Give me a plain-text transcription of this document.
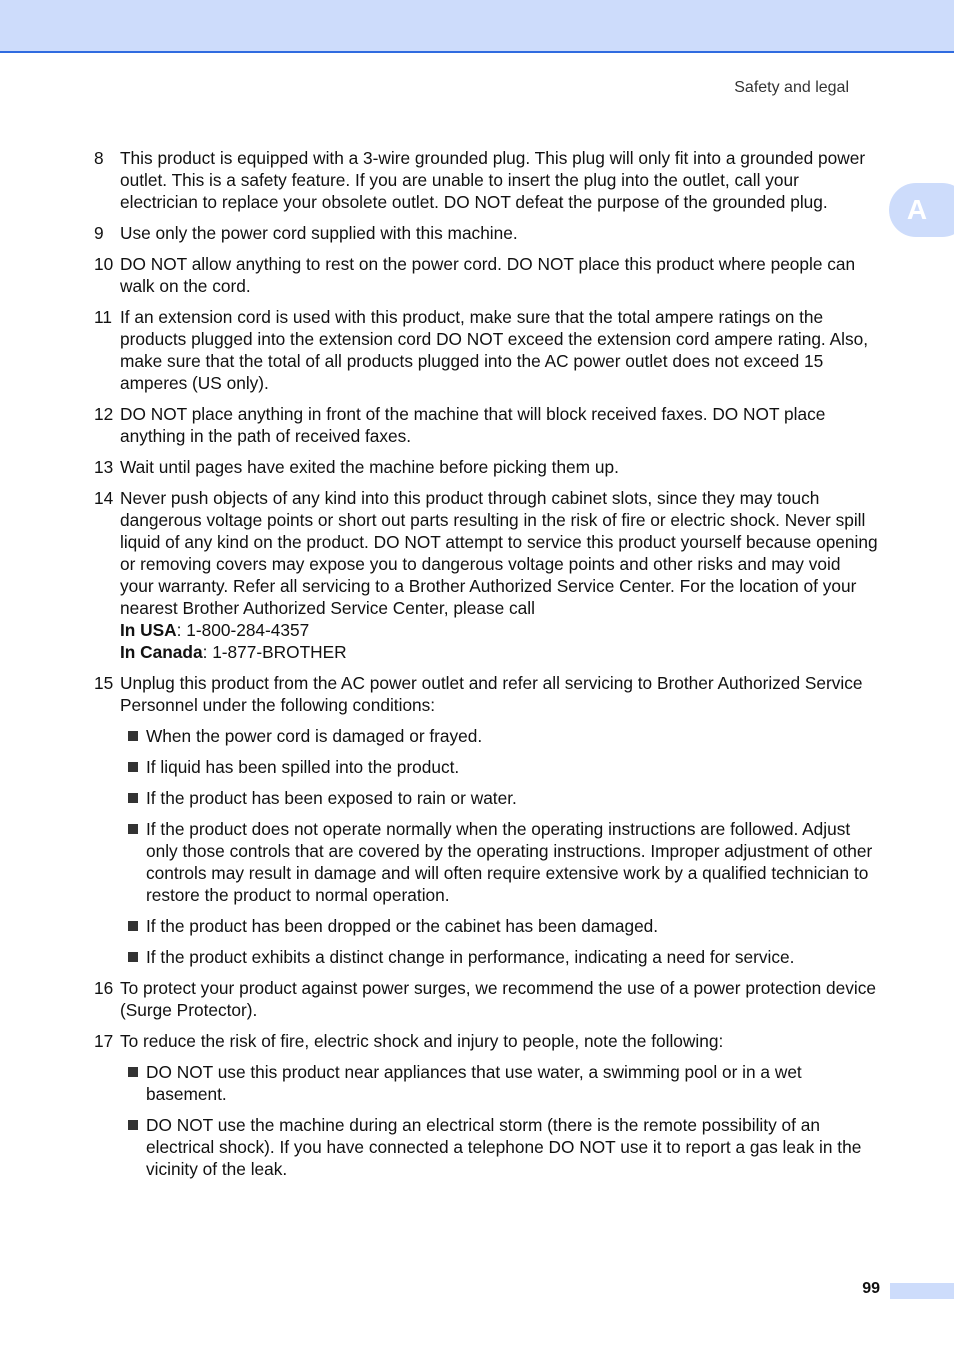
Safety and legal
A
8 This product is equipped with a 3-wire grounded plug. This plug will only fit into a grounded power outlet. This is a safety feature. If you are unable to insert the plug into the outlet, call your electrician to replace your obsolete outlet. DO NOT defeat the purpose of the grounded plug.

9 Use only the power cord supplied with this machine.

10 DO NOT allow anything to rest on the power cord. DO NOT place this product where people can walk on the cord.

11 If an extension cord is used with this product, make sure that the total ampere ratings on the products plugged into the extension cord DO NOT exceed the extension cord ampere rating. Also, make sure that the total of all products plugged into the AC power outlet does not exceed 15 amperes (US only).

12 DO NOT place anything in front of the machine that will block received faxes. DO NOT place anything in the path of received faxes.

13 Wait until pages have exited the machine before picking them up.

14 Never push objects of any kind into this product through cabinet slots, since they may touch dangerous voltage points or short out parts resulting in the risk of fire or electric shock. Never spill liquid of any kind on the product. DO NOT attempt to service this product yourself because opening or removing covers may expose you to dangerous voltage points and other risks and may void your warranty. Refer all servicing to a Brother Authorized Service Center. For the location of your nearest Brother Authorized Service Center, please call

In USA: 1-800-284-4357
In Canada: 1-877-BROTHER
15 Unplug this product from the AC power outlet and refer all servicing to Brother Authorized Service Personnel under the following conditions:

When the power cord is damaged or frayed.
If liquid has been spilled into the product.
If the product has been exposed to rain or water.
If the product does not operate normally when the operating instructions are followed. Adjust only those controls that are covered by the operating instructions. Improper adjustment of other controls may result in damage and will often require extensive work by a qualified technician to restore the product to normal operation.
If the product has been dropped or the cabinet has been damaged.
If the product exhibits a distinct change in performance, indicating a need for service.
16 To protect your product against power surges, we recommend the use of a power protection device (Surge Protector).

17 To reduce the risk of fire, electric shock and injury to people, note the following:

DO NOT use this product near appliances that use water, a swimming pool or in a wet basement.
DO NOT use the machine during an electrical storm (there is the remote possibility of an electrical shock). If you have connected a telephone DO NOT use it to report a gas leak in the vicinity of the leak.
99
